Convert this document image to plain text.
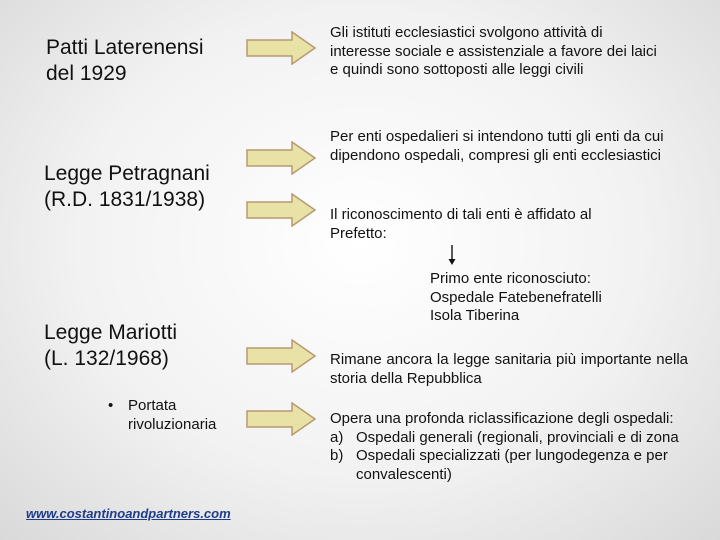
Patti Laterenensi
del 1929
Legge Petragnani
(R.D. 1831/1938)
Legge Mariotti
(L. 132/1968)
• Portata rivoluzionaria
www.costantinoandpartners.com
Gli istituti ecclesiastici svolgono attività di interesse sociale e assistenziale a favore dei laici e quindi sono sottoposti alle leggi civili
Per enti ospedalieri si intendono tutti gli enti da cui dipendono ospedali, compresi gli enti ecclesiastici
Il riconoscimento di tali enti è affidato al Prefetto:
Primo ente riconosciuto:
Ospedale Fatebenefratelli
Isola Tiberina
Rimane ancora la legge sanitaria più importante nella storia della Repubblica
Opera una profonda riclassificazione degli ospedali:
a) Ospedali generali (regionali, provinciali e di zona
b) Ospedali specializzati (per lungodegenza e per convalescenti)
